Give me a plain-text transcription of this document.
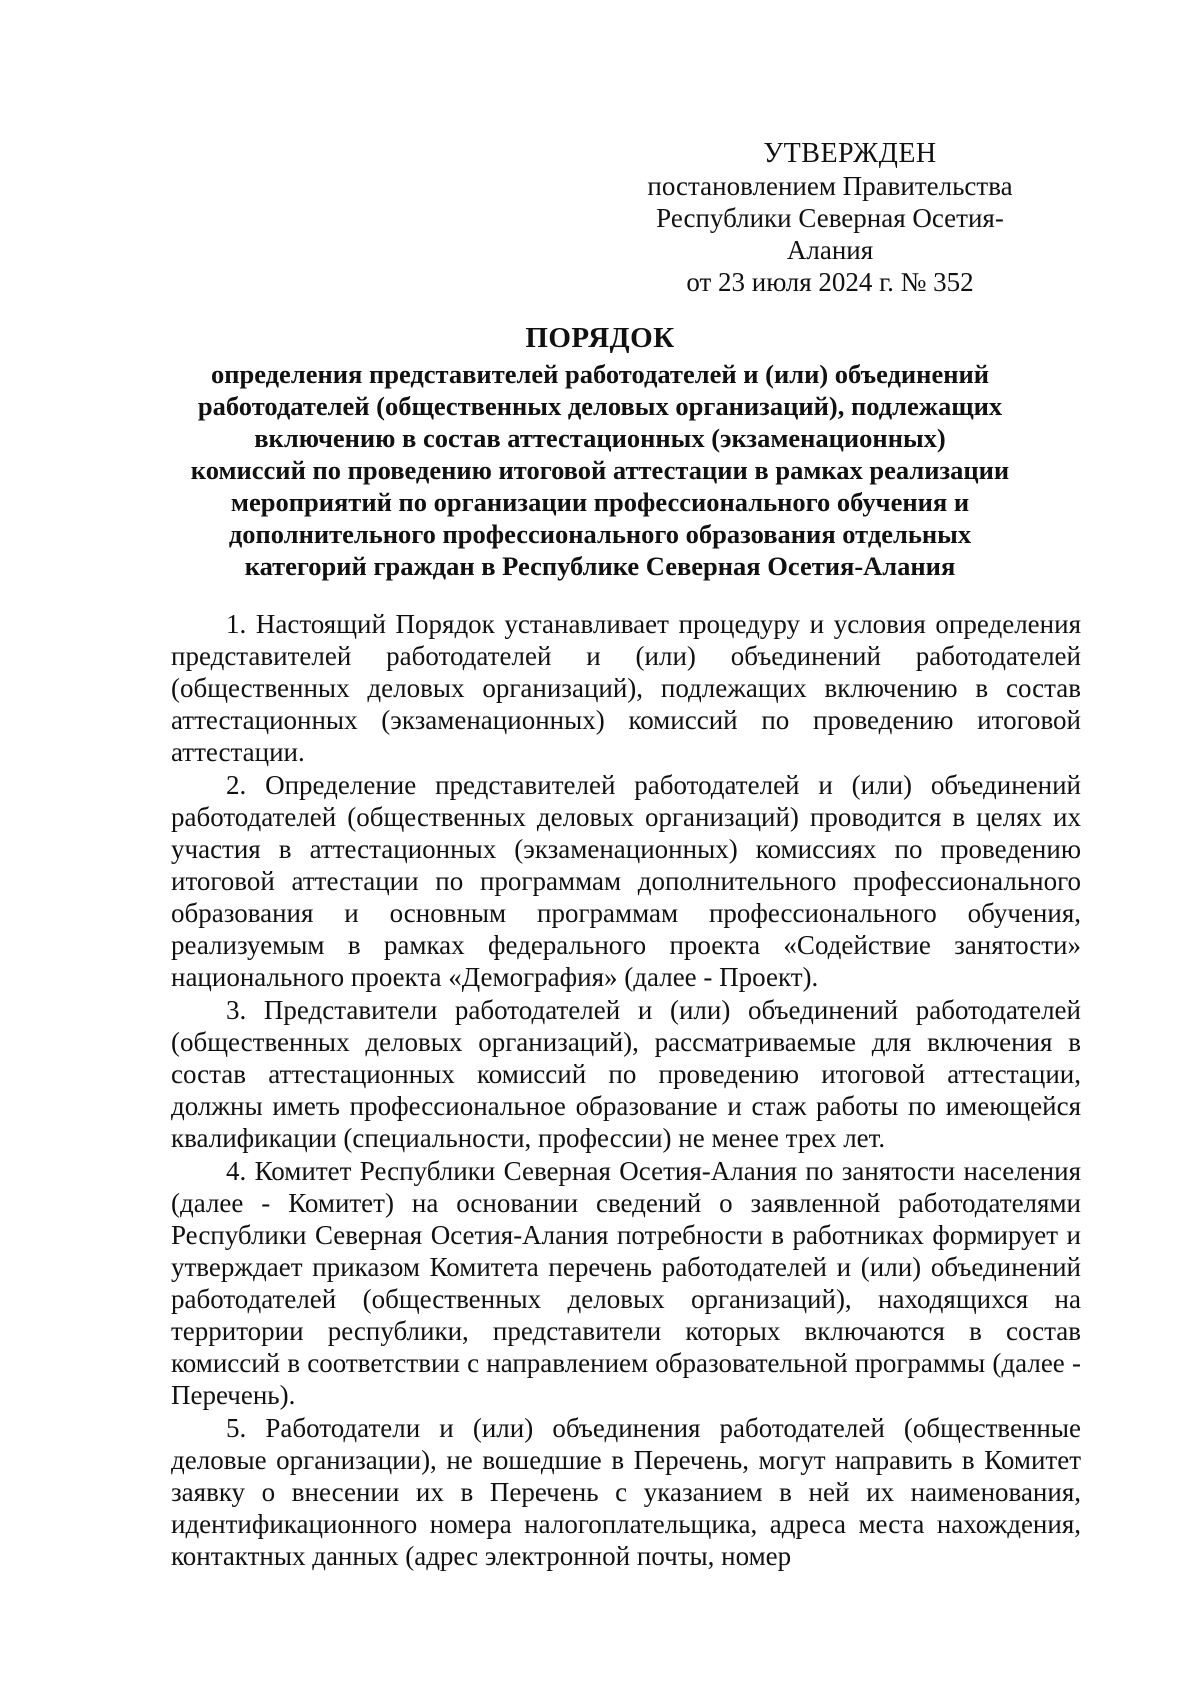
УТВЕРЖДЕН
постановлением Правительства
Республики Северная Осетия-Алания
от 23 июля 2024 г. № 352
ПОРЯДОК
определения представителей работодателей и (или) объединений
работодателей (общественных деловых организаций), подлежащих
включению в состав аттестационных (экзаменационных)
комиссий по проведению итоговой аттестации в рамках реализации
мероприятий по организации профессионального обучения и
дополнительного профессионального образования отдельных
категорий граждан в Республике Северная Осетия-Алания

1. Настоящий Порядок устанавливает процедуру и условия определения представителей работодателей и (или) объединений работодателей (общественных деловых организаций), подлежащих включению в состав аттестационных (экзаменационных) комиссий по проведению итоговой аттестации.

2. Определение представителей работодателей и (или) объединений работодателей (общественных деловых организаций) проводится в целях их участия в аттестационных (экзаменационных) комиссиях по проведению итоговой аттестации по программам дополнительного профессионального образования и основным программам профессионального обучения, реализуемым в рамках федерального проекта «Содействие занятости» национального проекта «Демография» (далее - Проект).

3. Представители работодателей и (или) объединений работодателей (общественных деловых организаций), рассматриваемые для включения в состав аттестационных комиссий по проведению итоговой аттестации, должны иметь профессиональное образование и стаж работы по имеющейся квалификации (специальности, профессии) не менее трех лет.

4. Комитет Республики Северная Осетия-Алания по занятости населения (далее - Комитет) на основании сведений о заявленной работодателями Республики Северная Осетия-Алания потребности в работниках формирует и утверждает приказом Комитета перечень работодателей и (или) объединений работодателей (общественных деловых организаций), находящихся на территории республики, представители которых включаются в состав комиссий в соответствии с направлением образовательной программы (далее - Перечень).

5. Работодатели и (или) объединения работодателей (общественные деловые организации), не вошедшие в Перечень, могут направить в Комитет заявку о внесении их в Перечень с указанием в ней их наименования, идентификационного номера налогоплательщика, адреса места нахождения, контактных данных (адрес электронной почты, номер
